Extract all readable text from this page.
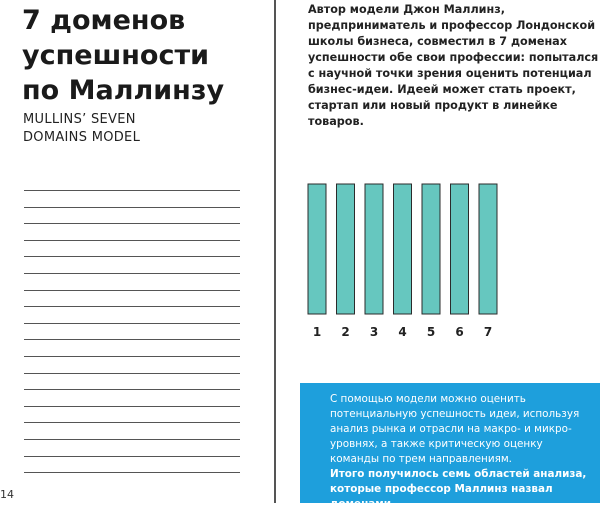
7 доменов
успешности
по Маллинзу

MULLINS’ SEVEN
DOMAINS MODEL

14

Автор модели Джон Маллинз, предприниматель и профессор Лондонской школы бизнеса, совместил в 7 доменах успешности обе свои профессии: попытался с научной точки зрения оценить потенциал бизнес-идеи. Идеей может стать проект, стартап или новый продукт в линейке товаров.

1 2 3 4 5 6 7

С помощью модели можно оценить потенциальную успешность идеи, используя анализ рынка и отрасли на макро- и микро-уровнях, а также критическую оценку команды по трем направлениям.

Итого получилось семь областей анализа, которые профессор Маллинз назвал доменами.
